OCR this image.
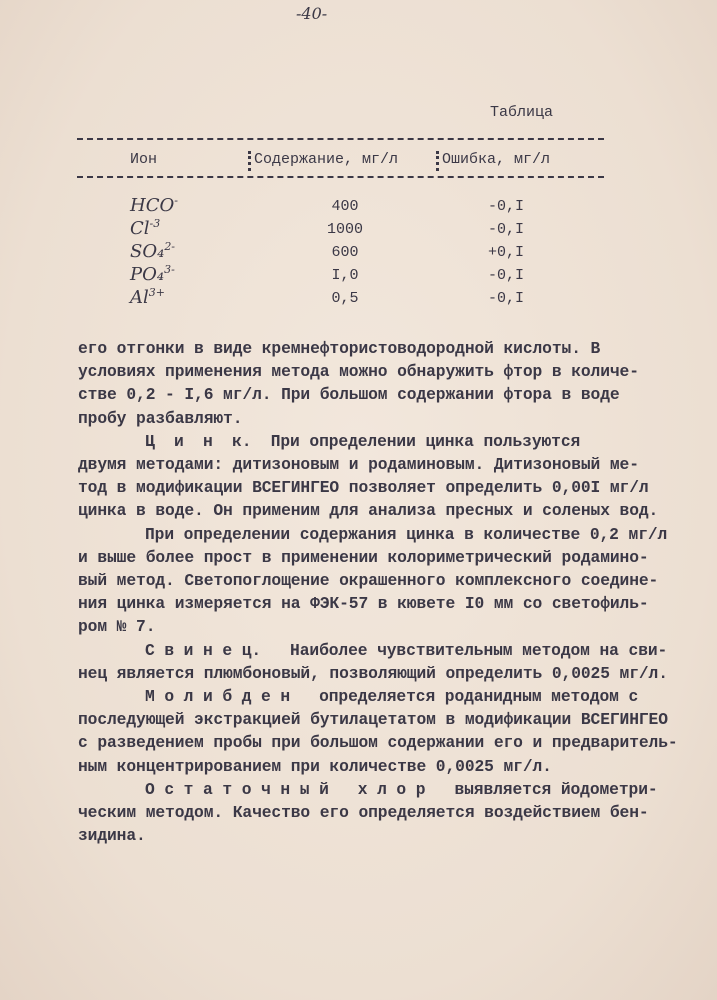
-40-
Таблица
Ион	Содержание, мг/л	Ошибка, мг/л
HCO-	400	-0,I
$Cl^{-3}$	1000	-0,I
SO₄$^{2-}$	600	+0,I
PO₄$^{3-}$	I,0	-0,I
$Al^{3+}$	0,5	-0,I
его отгонки в виде кремнефтористоводородной кислоты. В
условиях применения метода можно обнаружить фтор в количе-
стве 0,2 - I,6 мг/л. При большом содержании фтора в воде
пробу разбавляют.
Ц  и  н  к.  При определении цинка пользуются
двумя методами: дитизоновым и родаминовым. Дитизоновый ме-
тод в модификации ВСЕГИНГЕО позволяет определить 0,00I мг/л
цинка в воде. Он применим для анализа пресных и соленых вод.
При определении содержания цинка в количестве 0,2 мг/л
и выше более прост в применении колориметрический родамино-
вый метод. Светопоглощение окрашенного комплексного соедине-
ния цинка измеряется на ФЭК-57 в кювете I0 мм со светофиль-
ром № 7.
С в и н е ц.   Наиболее чувствительным методом на сви-
нец является плюмбоновый, позволяющий определить 0,0025 мг/л.
М о л и б д е н   определяется роданидным методом с
последующей экстракцией бутилацетатом в модификации ВСЕГИНГЕО
с разведением пробы при большом содержании его и предваритель-
ным концентрированием при количестве 0,0025 мг/л.
О с т а т о ч н ы й   х л о р   выявляется йодометри-
ческим методом. Качество его определяется воздействием бен-
зидина.
